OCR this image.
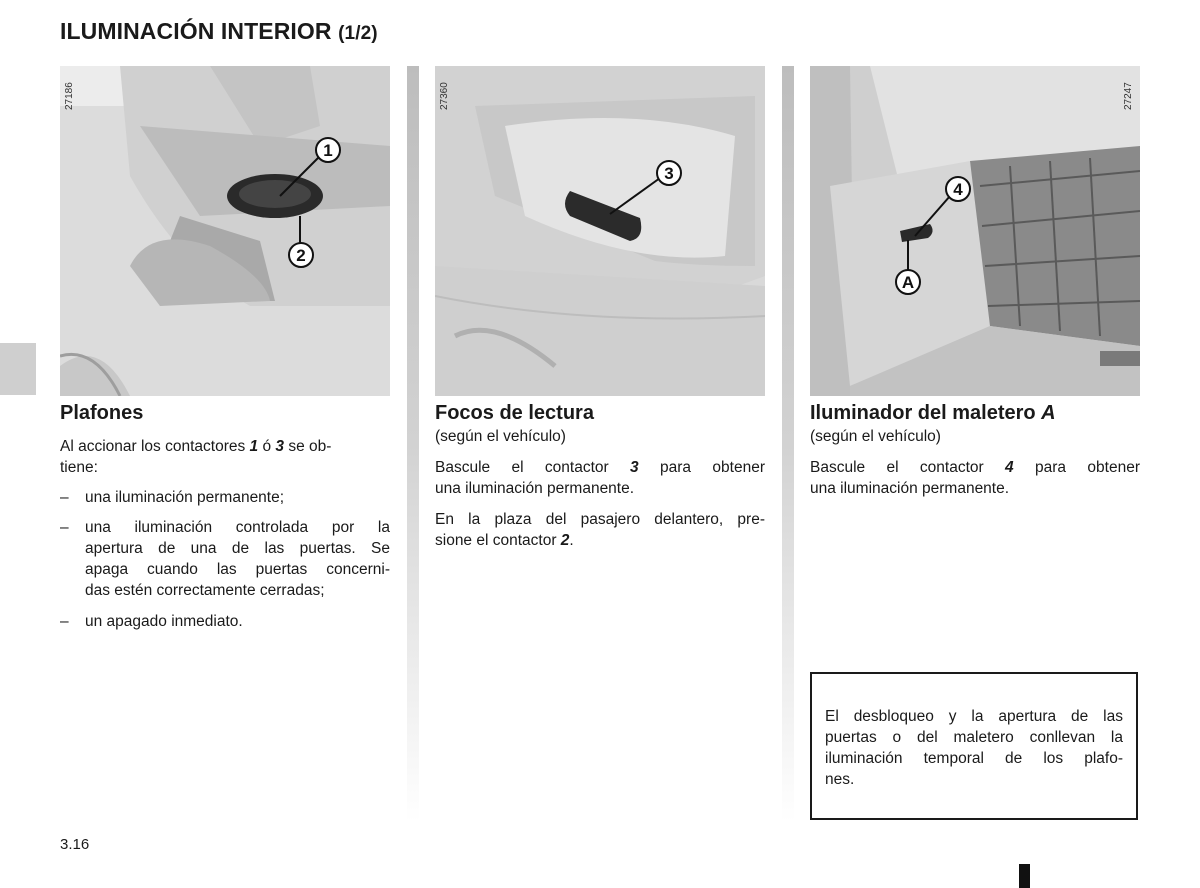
ILUMINACIÓN INTERIOR (1/2)
1
2
27186
3
27360
4
A
27247
Plafones
Al accionar los contactores 1 ó 3 se ob-
tiene:
– una iluminación permanente;
– una iluminación controlada por la
apertura de una de las puertas. Se
apaga cuando las puertas concerni-
das estén correctamente cerradas;
– un apagado inmediato.
Focos de lectura
(según el vehículo)
Bascule el contactor 3 para obtener
una iluminación permanente.
En la plaza del pasajero delantero, pre-
sione el contactor 2.
Iluminador del maletero A
(según el vehículo)
Bascule el contactor 4 para obtener
una iluminación permanente.
El desbloqueo y la apertura de las
puertas o del maletero conllevan la
iluminación temporal de los plafo-
nes.
3.16
